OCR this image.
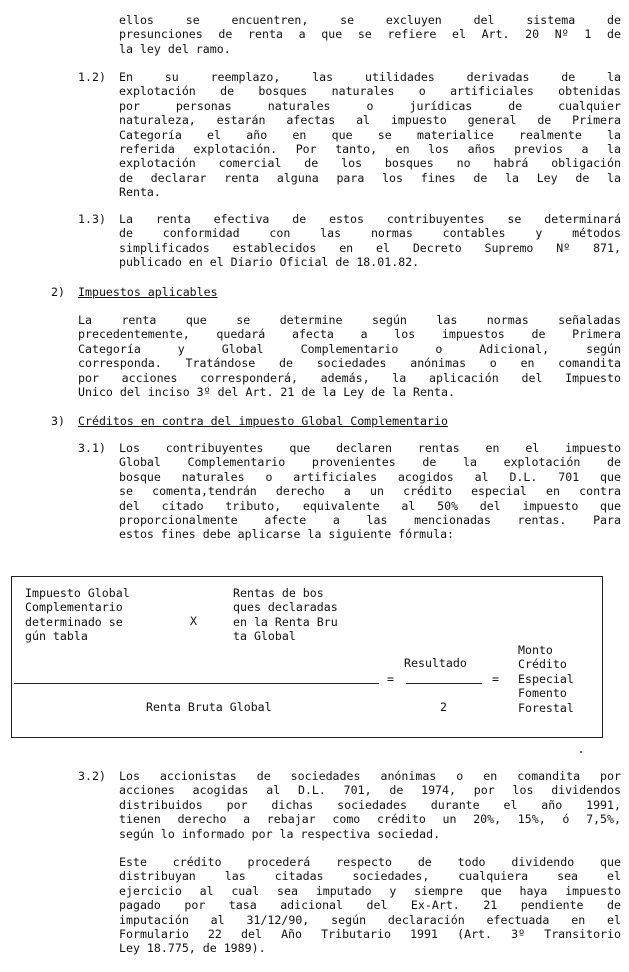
ellos se encuentren, se excluyen del sistema de
presunciones de renta a que se refiere el Art. 20 Nº 1 de
la ley del ramo.
1.2) En su reemplazo, las utilidades derivadas de la
explotación de bosques naturales o artificiales obtenidas
por personas naturales o jurídicas de cualquier
naturaleza, estarán afectas al impuesto general de Primera
Categoría el año en que se materialice realmente la
referida explotación. Por tanto, en los años previos a la
explotación comercial de los bosques no habrá obligación
de declarar renta alguna para los fines de la Ley de la
Renta.
1.3) La renta efectiva de estos contribuyentes se determinará
de conformidad con las normas contables y métodos
simplificados establecidos en el Decreto Supremo Nº 871,
publicado en el Diario Oficial de 18.01.82.
2) Impuestos aplicables
La renta que se determine según las normas señaladas
precedentemente, quedará afecta a los impuestos de Primera
Categoría y Global Complementario o Adicional, según
corresponda. Tratándose de sociedades anónimas o en comandita
por acciones corresponderá, además, la aplicación del Impuesto
Unico del inciso 3º del Art. 21 de la Ley de la Renta.
3) Créditos en contra del impuesto Global Complementario
3.1) Los contribuyentes que declaren rentas en el impuesto
Global Complementario provenientes de la explotación de
bosque naturales o artificiales acogidos al D.L. 701 que
se comenta,tendrán derecho a un crédito especial en contra
del citado tributo, equivalente al 50% del impuesto que
proporcionalmente afecte a las mencionadas rentas. Para
estos fines debe aplicarse la siguiente fórmula:
Impuesto Global
Complementario
determinado se
gún tabla
X
Rentas de bos
ques declaradas
en la Renta Bru
ta Global
=
Resultado
=
Monto
Crédito
Especial
Fomento
Forestal
Renta Bruta Global	2
3.2) Los accionistas de sociedades anónimas o en comandita por
acciones acogidas al D.L. 701, de 1974, por los dividendos
distribuidos por dichas sociedades durante el año 1991,
tienen derecho a rebajar como crédito un 20%, 15%, ó 7,5%,
según lo informado por la respectiva sociedad.
Este crédito procederá respecto de todo dividendo que
distribuyan las citadas sociedades, cualquiera sea el
ejercicio al cual sea imputado y siempre que haya impuesto
pagado por tasa adicional del Ex-Art. 21 pendiente de
imputación al 31/12/90, según declaración efectuada en el
Formulario 22 del Año Tributario 1991 (Art. 3º Transitorio
Ley 18.775, de 1989).
